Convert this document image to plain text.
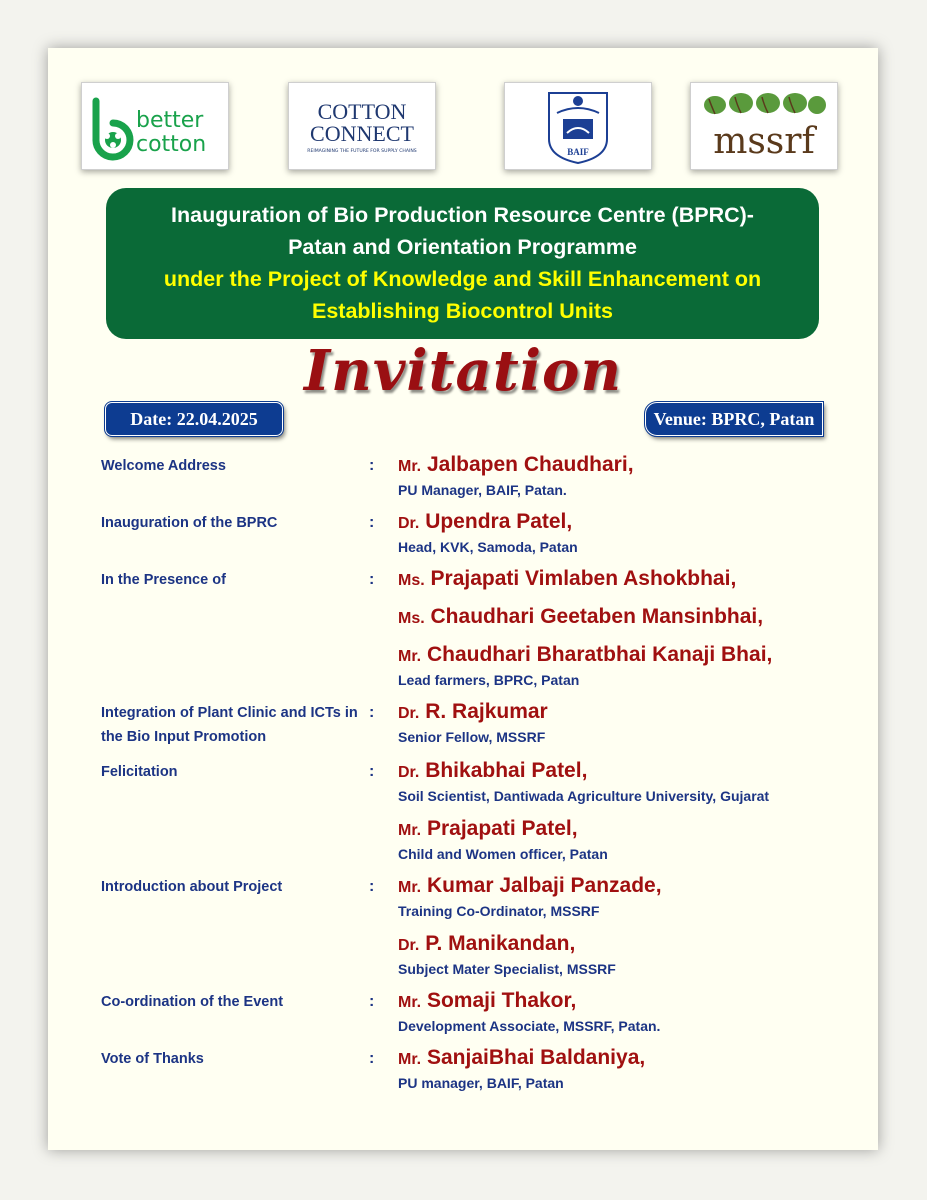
better
cotton
COTTON
CONNECT
REIMAGINING THE FUTURE FOR SUPPLY CHAINS	BAIF	mssrf
Inauguration of Bio Production Resource Centre (BPRC)-
Patan and Orientation Programme
under the Project of Knowledge and Skill Enhancement on
Establishing Biocontrol Units
Invitation
Date: 22.04.2025	Venue: BPRC, Patan
Welcome Address	:	Mr. Jalbapen Chaudhari,
PU Manager, BAIF, Patan.
Inauguration of the BPRC	:	Dr. Upendra Patel,
Head, KVK, Samoda, Patan
In the Presence of	:	Ms. Prajapati Vimlaben Ashokbhai,
Ms. Chaudhari Geetaben Mansinbhai,
Mr. Chaudhari Bharatbhai Kanaji Bhai,
Lead farmers, BPRC, Patan
Integration of Plant Clinic and ICTs in the Bio Input Promotion
:	Dr. R. Rajkumar
Senior Fellow, MSSRF
Felicitation	:	Dr. Bhikabhai Patel,
Soil Scientist, Dantiwada Agriculture University, Gujarat
Mr. Prajapati Patel,
Child and Women officer, Patan
Introduction about Project	:	Mr. Kumar Jalbaji Panzade,
Training Co-Ordinator, MSSRF
Dr. P. Manikandan,
Subject Mater Specialist, MSSRF
Co-ordination of the Event	:	Mr. Somaji Thakor,
Development Associate, MSSRF, Patan.
Vote of Thanks	:	Mr. SanjaiBhai Baldaniya,
PU manager, BAIF, Patan
